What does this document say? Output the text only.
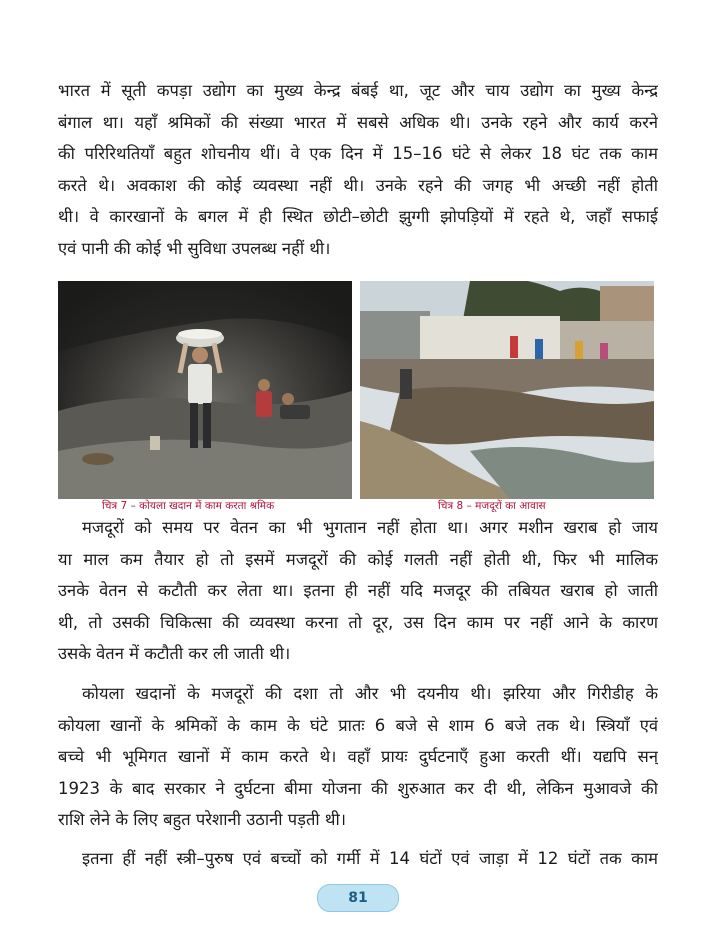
भारत में सूती कपड़ा उद्योग का मुख्य केन्द्र बंबई था, जूट और चाय उद्योग का मुख्य केन्द्र
बंगाल था। यहाँ श्रमिकों की संख्या भारत में सबसे अधिक थी। उनके रहने और कार्य करने
की परिरिथतियाँ बहुत शोचनीय थीं। वे एक दिन में 15–16 घंटे से लेकर 18 घंट तक काम
करते थे। अवकाश की कोई व्यवस्था नहीं थी। उनके रहने की जगह भी अच्छी नहीं होती
थी। वे कारखानों के बगल में ही स्थित छोटी–छोटी झुग्गी झोपड़ियों में रहते थे, जहाँ सफाई
एवं पानी की कोई भी सुविधा उपलब्ध नहीं थी।
चित्र 7 – कोयला खदान में काम करता श्रमिक	चित्र 8 – मजदूरों का आवास
मजदूरों को समय पर वेतन का भी भुगतान नहीं होता था। अगर मशीन खराब हो जाय
या माल कम तैयार हो तो इसमें मजदूरों की कोई गलती नहीं होती थी, फिर भी मालिक
उनके वेतन से कटौती कर लेता था। इतना ही नहीं यदि मजदूर की तबियत खराब हो जाती
थी, तो उसकी चिकित्सा की व्यवस्था करना तो दूर, उस दिन काम पर नहीं आने के कारण
उसके वेतन में कटौती कर ली जाती थी।
कोयला खदानों के मजदूरों की दशा तो और भी दयनीय थी। झरिया और गिरीडीह के
कोयला खानों के श्रमिकों के काम के घंटे प्रातः 6 बजे से शाम 6 बजे तक थे। स्त्रियाँ एवं
बच्चे भी भूमिगत खानों में काम करते थे। वहाँ प्रायः दुर्घटनाएँ हुआ करती थीं। यद्यपि सन्
1923 के बाद सरकार ने दुर्घटना बीमा योजना की शुरुआत कर दी थी, लेकिन मुआवजे की
राशि लेने के लिए बहुत परेशानी उठानी पड़ती थी।
इतना हीं नहीं स्त्री–पुरुष एवं बच्चों को गर्मी में 14 घंटों एवं जाड़ा में 12 घंटों तक काम
81
